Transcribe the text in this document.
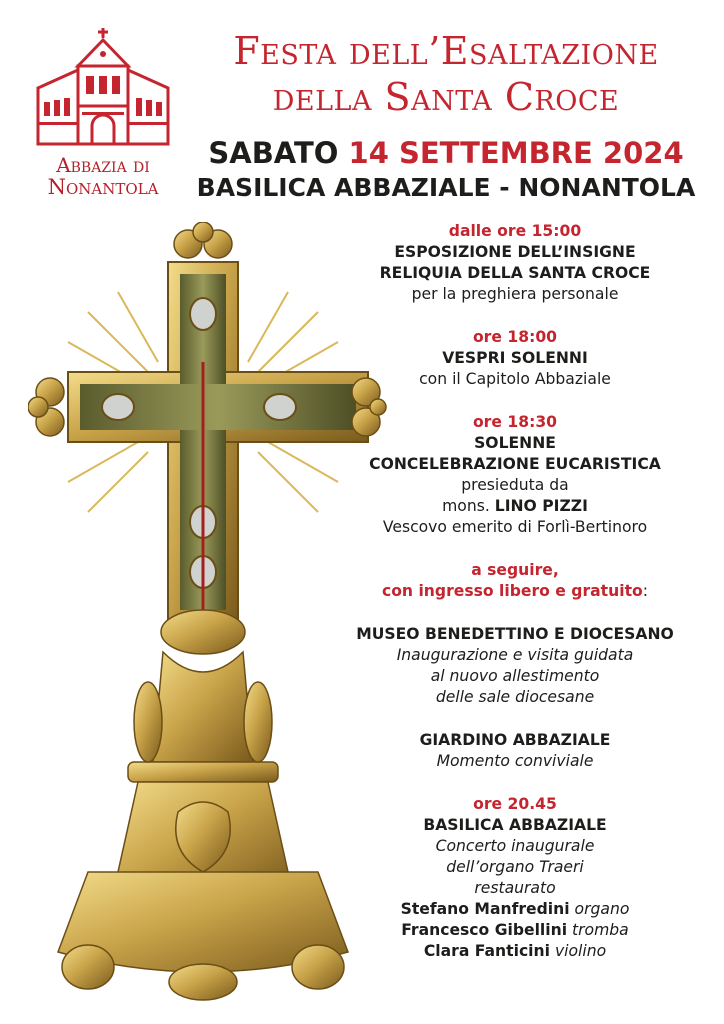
Abbazia di
Nonantola
Festa dell’Esaltazione
della Santa Croce
SABATO 14 SETTEMBRE 2024
BASILICA ABBAZIALE - NONANTOLA
dalle ore 15:00
ESPOSIZIONE DELL’INSIGNE
RELIQUIA DELLA SANTA CROCE
per la preghiera personale
ore 18:00
VESPRI SOLENNI
con il Capitolo Abbaziale
ore 18:30
SOLENNE
CONCELEBRAZIONE EUCARISTICA
presieduta da
mons. LINO PIZZI
Vescovo emerito di Forlì-Bertinoro
a seguire,
con ingresso libero e gratuito:
MUSEO BENEDETTINO E DIOCESANO
Inaugurazione e visita guidata
al nuovo allestimento
delle sale diocesane
GIARDINO ABBAZIALE
Momento conviviale
ore 20.45
BASILICA ABBAZIALE
Concerto inaugurale
dell’organo Traeri
restaurato
Stefano Manfredini organo
Francesco Gibellini tromba
Clara Fanticini violino
